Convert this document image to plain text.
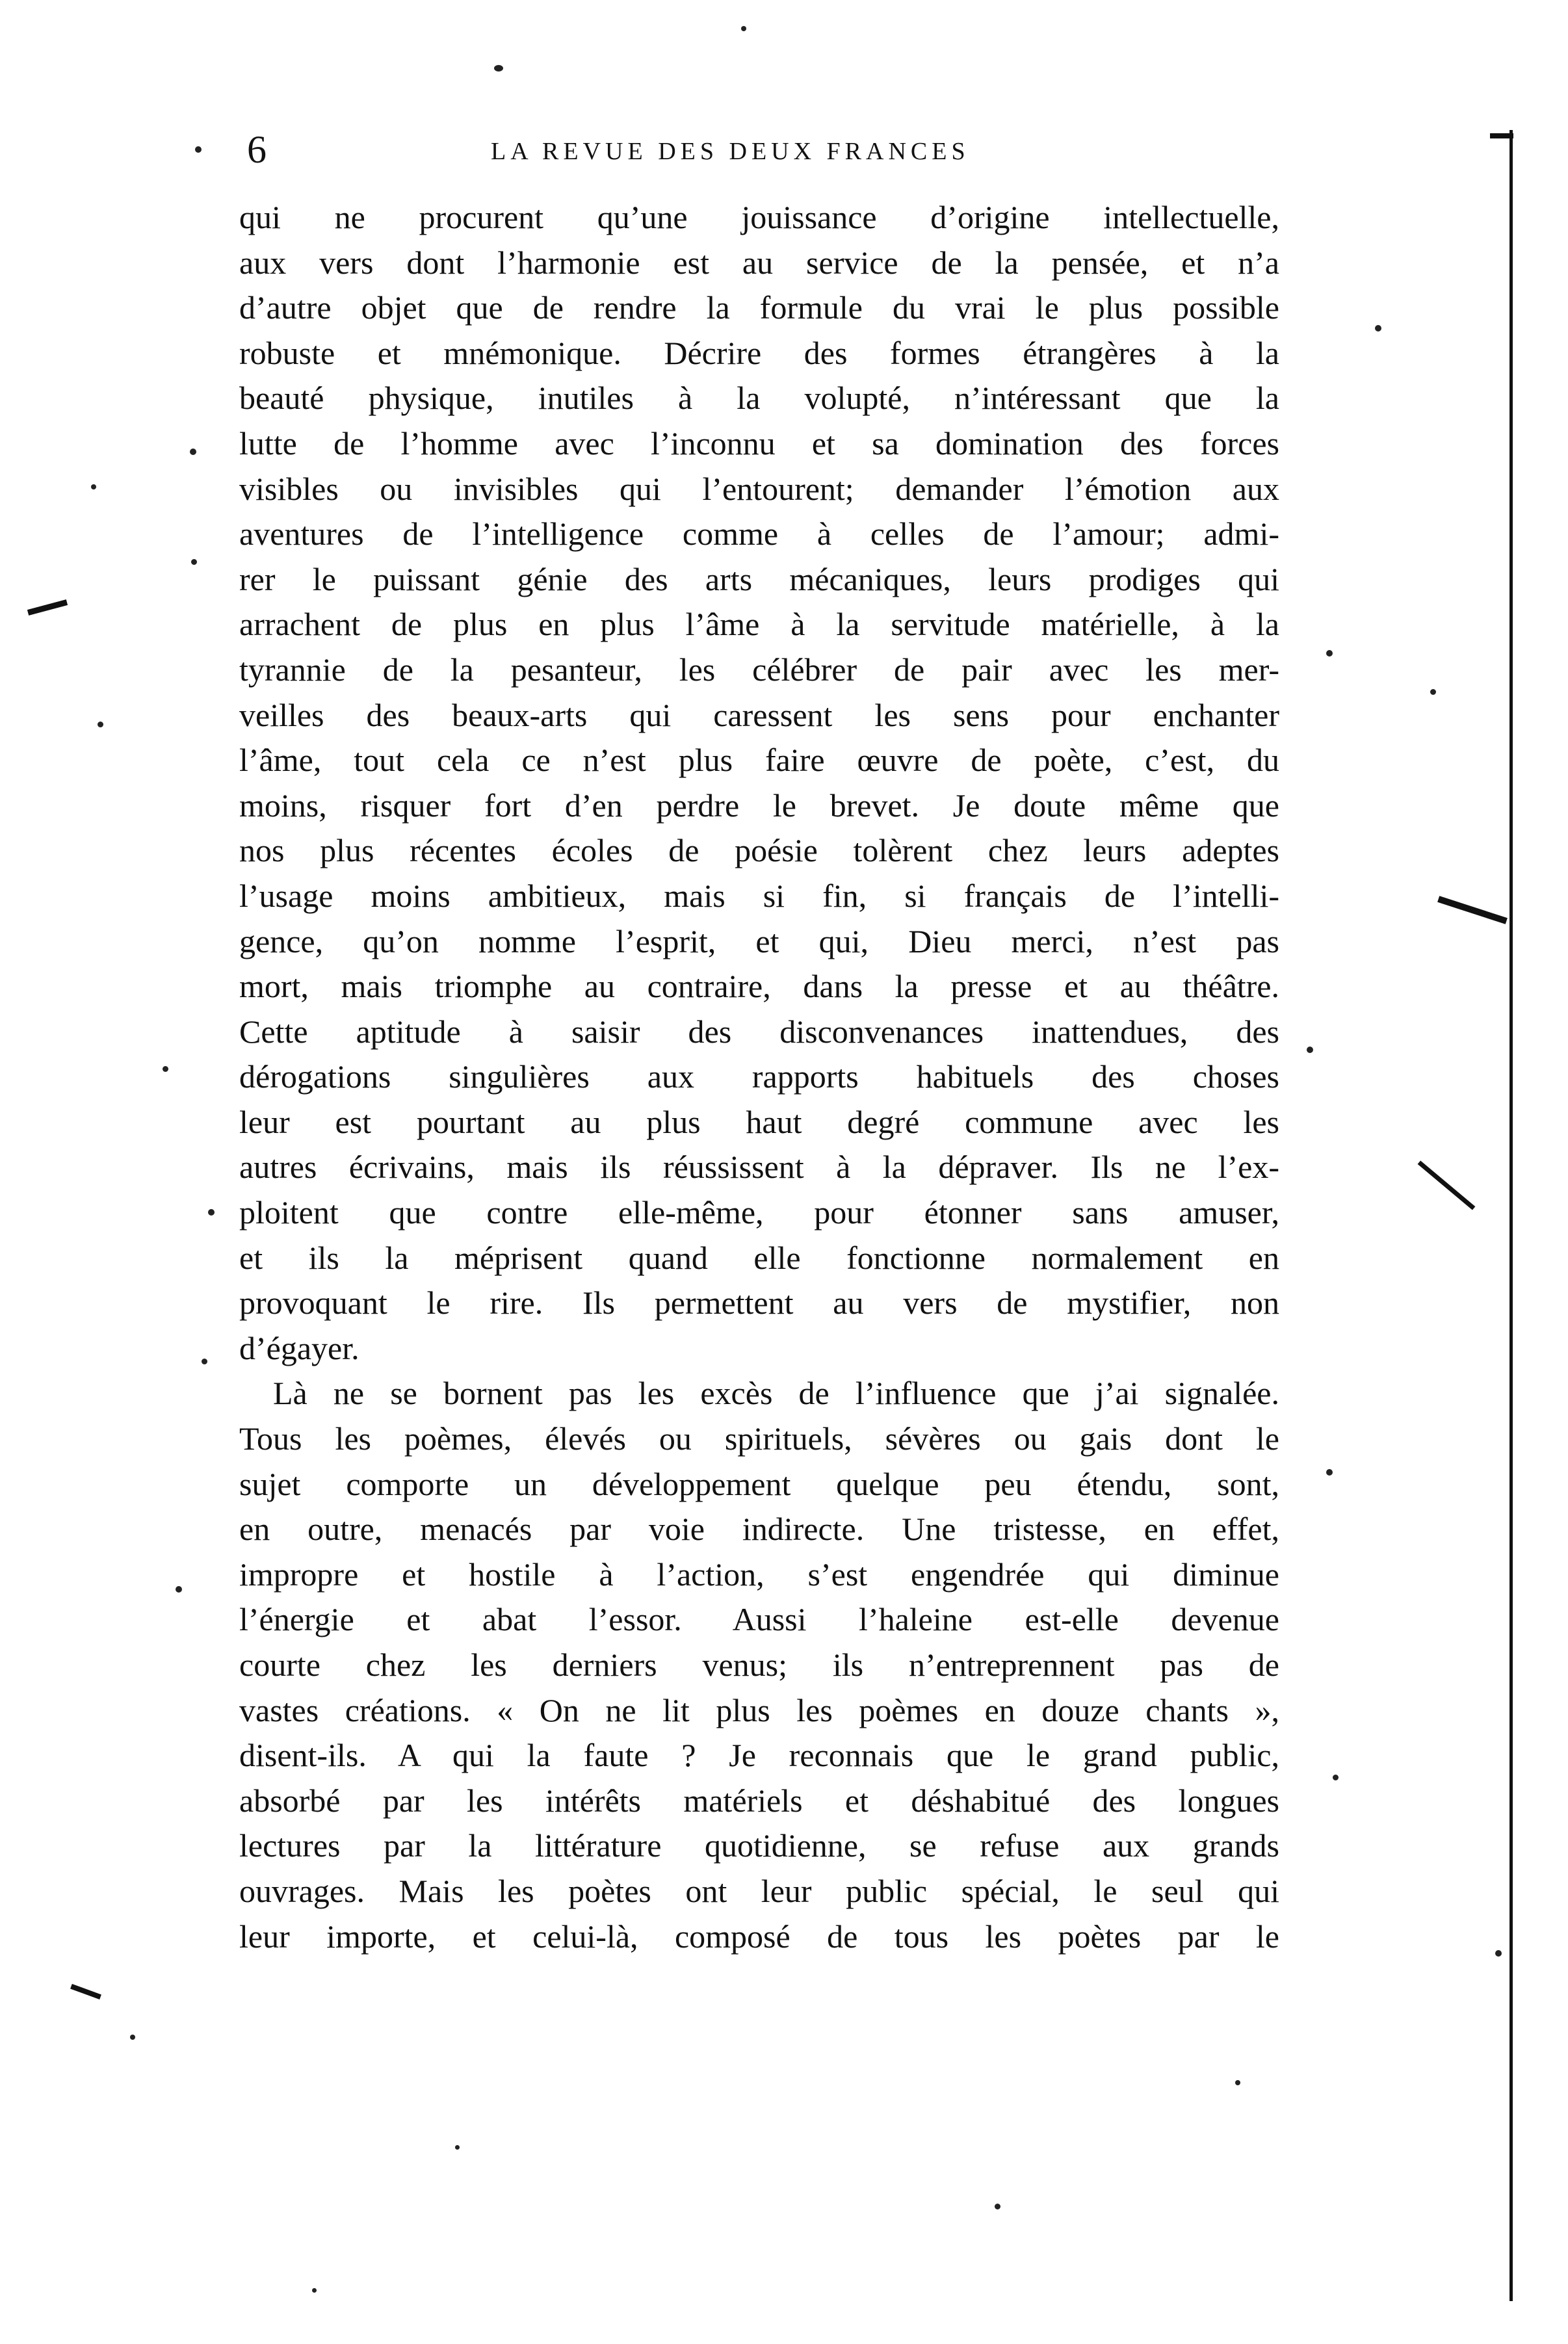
6	LA REVUE DES DEUX FRANCES
qui ne procurent qu’une jouissance d’origine intellectuelle,
aux vers dont l’harmonie est au service de la pensée, et n’a
d’autre objet que de rendre la formule du vrai le plus possible
robuste et mnémonique. Décrire des formes étrangères à la
beauté physique, inutiles à la volupté, n’intéressant que la
lutte de l’homme avec l’inconnu et sa domination des forces
visibles ou invisibles qui l’entourent; demander l’émotion aux
aventures de l’intelligence comme à celles de l’amour; admi-
rer le puissant génie des arts mécaniques, leurs prodiges qui
arrachent de plus en plus l’âme à la servitude matérielle, à la
tyrannie de la pesanteur, les célébrer de pair avec les mer-
veilles des beaux-arts qui caressent les sens pour enchanter
l’âme, tout cela ce n’est plus faire œuvre de poète, c’est, du
moins, risquer fort d’en perdre le brevet. Je doute même que
nos plus récentes écoles de poésie tolèrent chez leurs adeptes
l’usage moins ambitieux, mais si fin, si français de l’intelli-
gence, qu’on nomme l’esprit, et qui, Dieu merci, n’est pas
mort, mais triomphe au contraire, dans la presse et au théâtre.
Cette aptitude à saisir des disconvenances inattendues, des
dérogations singulières aux rapports habituels des choses
leur est pourtant au plus haut degré commune avec les
autres écrivains, mais ils réussissent à la dépraver. Ils ne l’ex-
ploitent que contre elle-même, pour étonner sans amuser,
et ils la méprisent quand elle fonctionne normalement en
provoquant le rire. Ils permettent au vers de mystifier, non
d’égayer.
Là ne se bornent pas les excès de l’influence que j’ai signalée.
Tous les poèmes, élevés ou spirituels, sévères ou gais dont le
sujet comporte un développement quelque peu étendu, sont,
en outre, menacés par voie indirecte. Une tristesse, en effet,
impropre et hostile à l’action, s’est engendrée qui diminue
l’énergie et abat l’essor. Aussi l’haleine est-elle devenue
courte chez les derniers venus; ils n’entreprennent pas de
vastes créations. « On ne lit plus les poèmes en douze chants »,
disent-ils. A qui la faute ? Je reconnais que le grand public,
absorbé par les intérêts matériels et déshabitué des longues
lectures par la littérature quotidienne, se refuse aux grands
ouvrages. Mais les poètes ont leur public spécial, le seul qui
leur importe, et celui-là, composé de tous les poètes par le
